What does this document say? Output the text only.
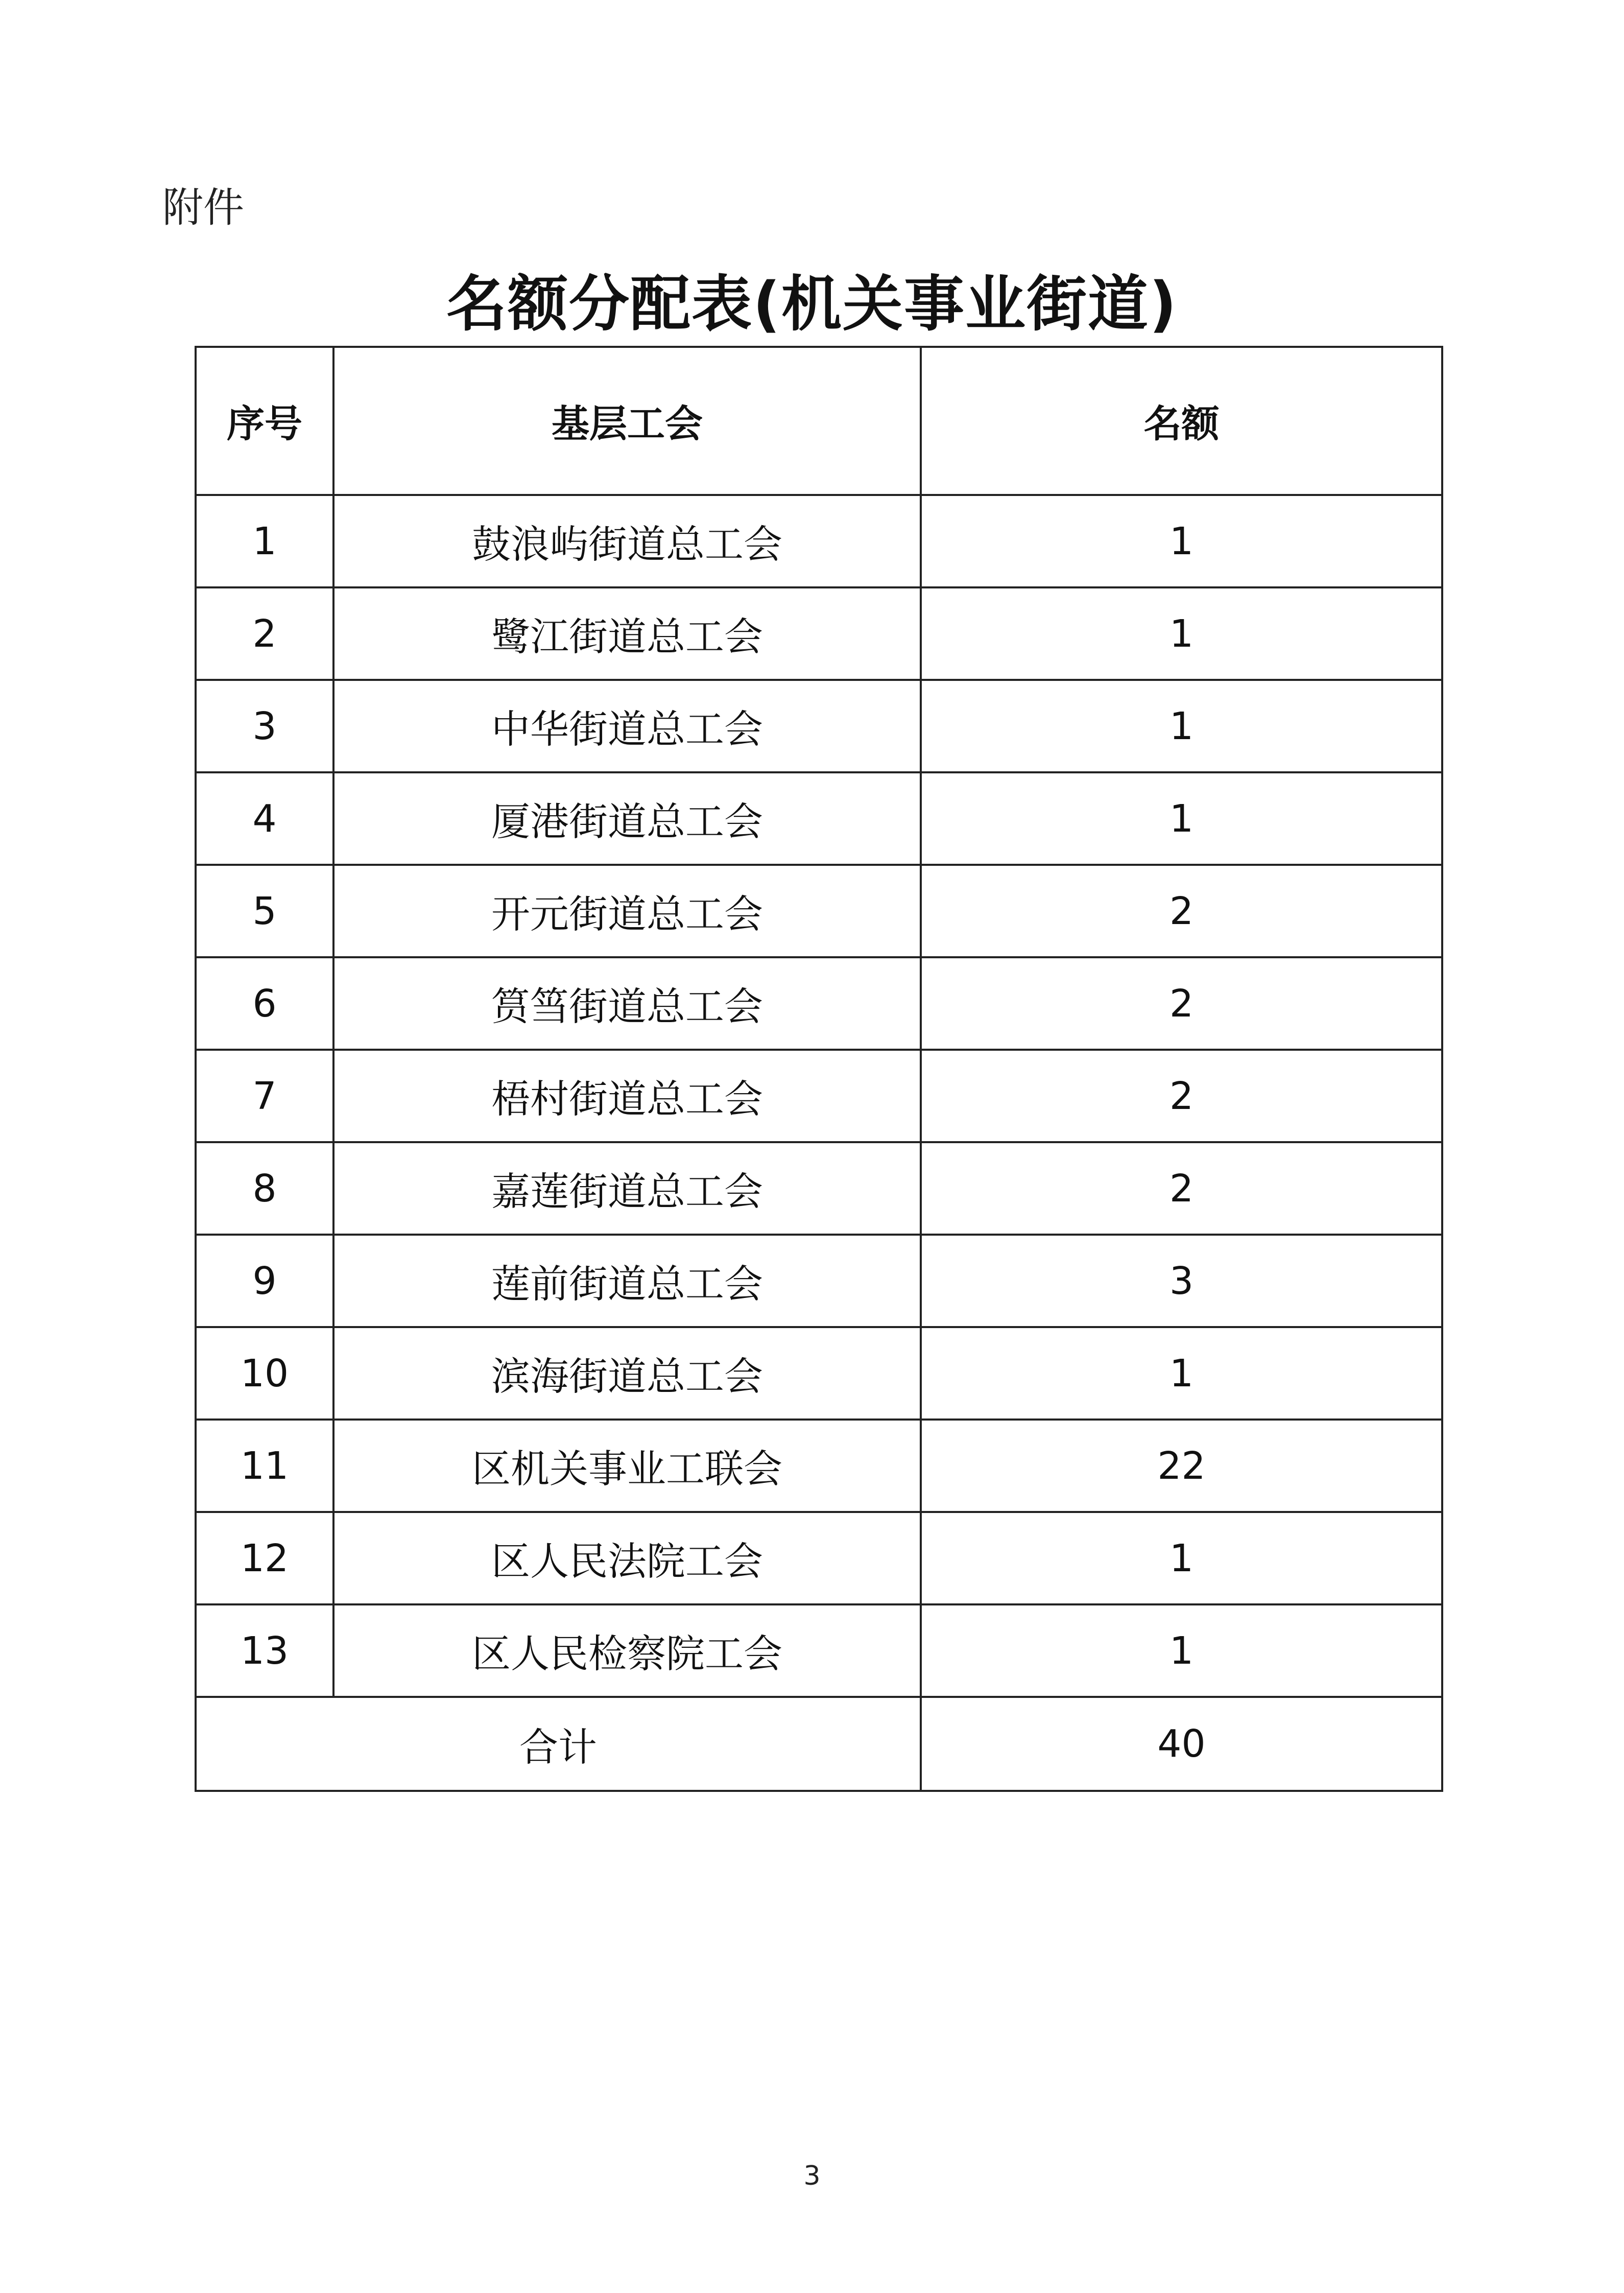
附件
名额分配表(机关事业街道)
序号	基层工会	名额
1	鼓浪屿街道总工会	1
2	鹭江街道总工会	1
3	中华街道总工会	1
4	厦港街道总工会	1
5	开元街道总工会	2
6	筼筜街道总工会	2
7	梧村街道总工会	2
8	嘉莲街道总工会	2
9	莲前街道总工会	3
10	滨海街道总工会	1
11	区机关事业工联会	22
12	区人民法院工会	1
13	区人民检察院工会	1
合计		40
3
